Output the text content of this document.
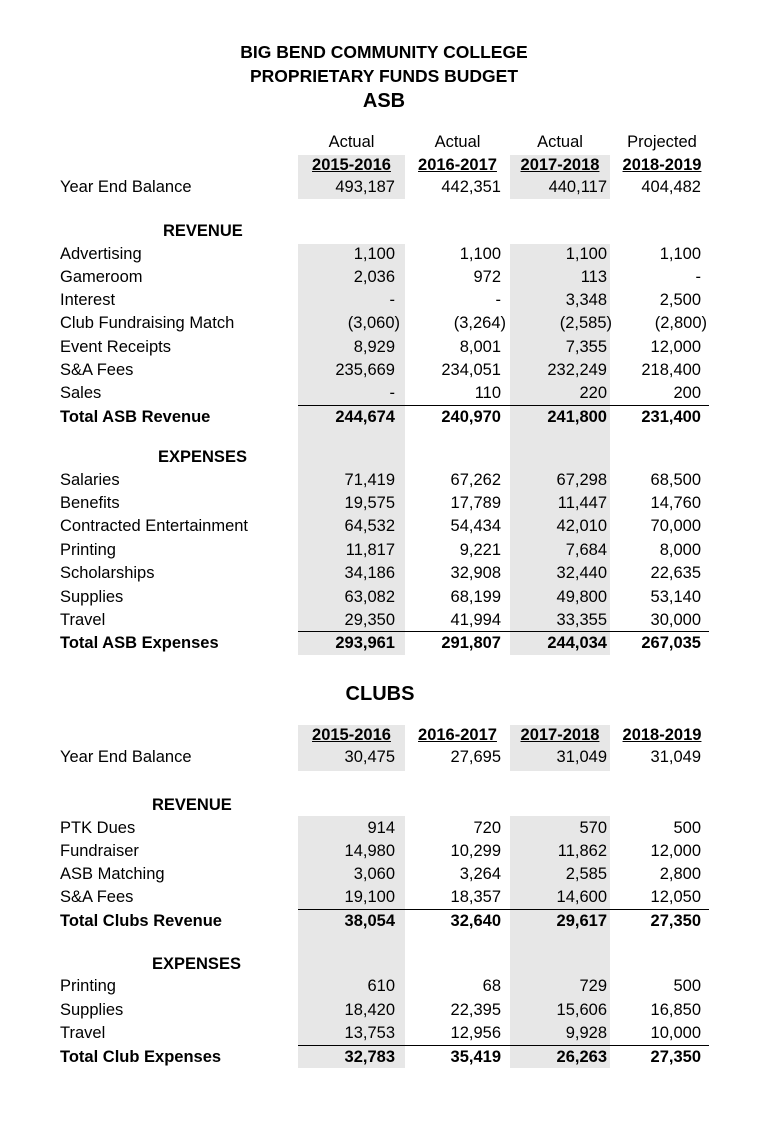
BIG BEND COMMUNITY COLLEGE
PROPRIETARY FUNDS BUDGET
ASB
Actual	Actual	Actual	Projected
2015-2016	2016-2017	2017-2018	2018-2019
Year End Balance	493,187	442,351	440,117	404,482
REVENUE
Advertising	1,100	1,100	1,100	1,100
Gameroom	2,036	972	113	-
Interest	-	-	3,348	2,500
Club Fundraising Match	(3,060)	(3,264)	(2,585)	(2,800)
Event Receipts	8,929	8,001	7,355	12,000
S&A Fees	235,669	234,051	232,249	218,400
Sales	-	110	220	200
Total ASB Revenue	244,674	240,970	241,800	231,400
EXPENSES
Salaries	71,419	67,262	67,298	68,500
Benefits	19,575	17,789	11,447	14,760
Contracted Entertainment	64,532	54,434	42,010	70,000
Printing	11,817	9,221	7,684	8,000
Scholarships	34,186	32,908	32,440	22,635
Supplies	63,082	68,199	49,800	53,140
Travel	29,350	41,994	33,355	30,000
Total ASB Expenses	293,961	291,807	244,034	267,035
CLUBS
2015-2016	2016-2017	2017-2018	2018-2019
Year End Balance	30,475	27,695	31,049	31,049
REVENUE
PTK Dues	914	720	570	500
Fundraiser	14,980	10,299	11,862	12,000
ASB Matching	3,060	3,264	2,585	2,800
S&A Fees	19,100	18,357	14,600	12,050
Total Clubs Revenue	38,054	32,640	29,617	27,350
EXPENSES
Printing	610	68	729	500
Supplies	18,420	22,395	15,606	16,850
Travel	13,753	12,956	9,928	10,000
Total Club Expenses	32,783	35,419	26,263	27,350
